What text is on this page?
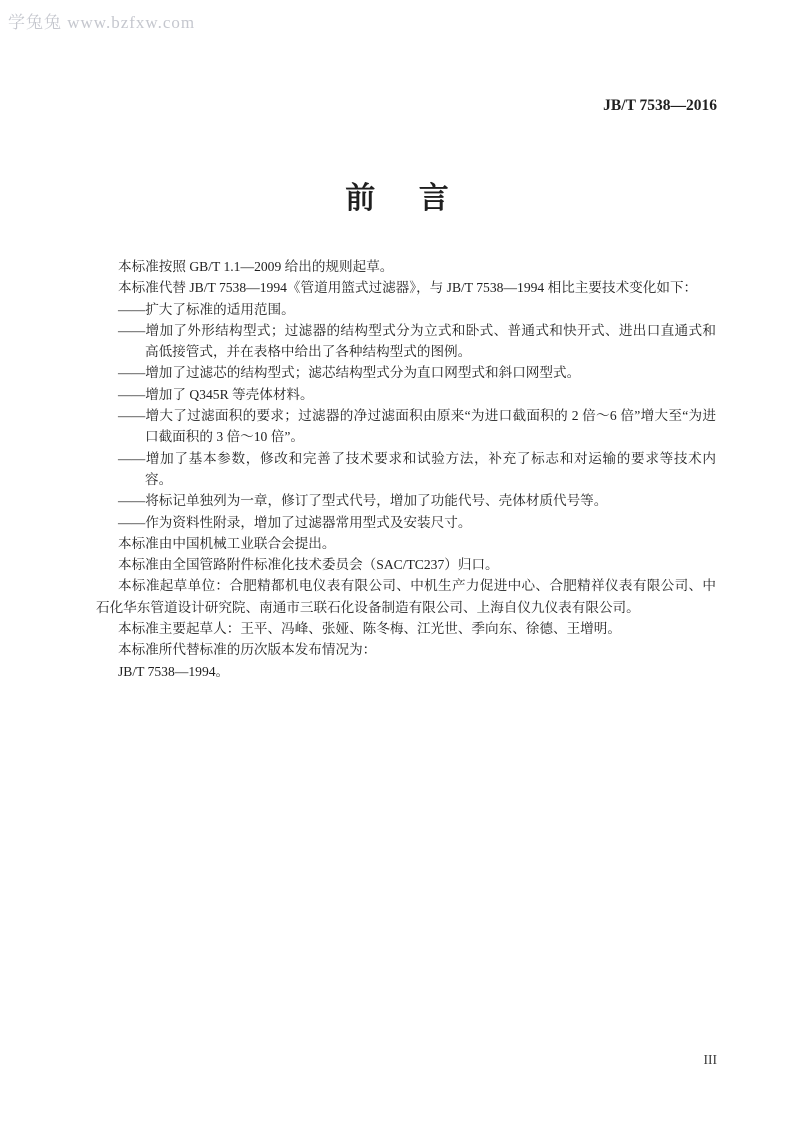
学兔兔 www.bzfxw.com
JB/T 7538—2016
前言

本标准按照 GB/T 1.1—2009 给出的规则起草。

本标准代替 JB/T 7538—1994《管道用篮式过滤器》，与 JB/T 7538—1994 相比主要技术变化如下：

——扩大了标准的适用范围。

——增加了外形结构型式；过滤器的结构型式分为立式和卧式、普通式和快开式、进出口直通式和高低接管式，并在表格中给出了各种结构型式的图例。

——增加了过滤芯的结构型式；滤芯结构型式分为直口网型式和斜口网型式。

——增加了 Q345R 等壳体材料。

——增大了过滤面积的要求；过滤器的净过滤面积由原来“为进口截面积的 2 倍～6 倍”增大至“为进口截面积的 3 倍～10 倍”。

——增加了基本参数，修改和完善了技术要求和试验方法，补充了标志和对运输的要求等技术内容。

——将标记单独列为一章，修订了型式代号，增加了功能代号、壳体材质代号等。

——作为资料性附录，增加了过滤器常用型式及安装尺寸。

本标准由中国机械工业联合会提出。

本标准由全国管路附件标准化技术委员会（SAC/TC237）归口。

本标准起草单位：合肥精都机电仪表有限公司、中机生产力促进中心、合肥精祥仪表有限公司、中石化华东管道设计研究院、南通市三联石化设备制造有限公司、上海自仪九仪表有限公司。

本标准主要起草人：王平、冯峰、张娅、陈冬梅、江光世、季向东、徐德、王增明。

本标准所代替标准的历次版本发布情况为：

JB/T 7538—1994。

III
